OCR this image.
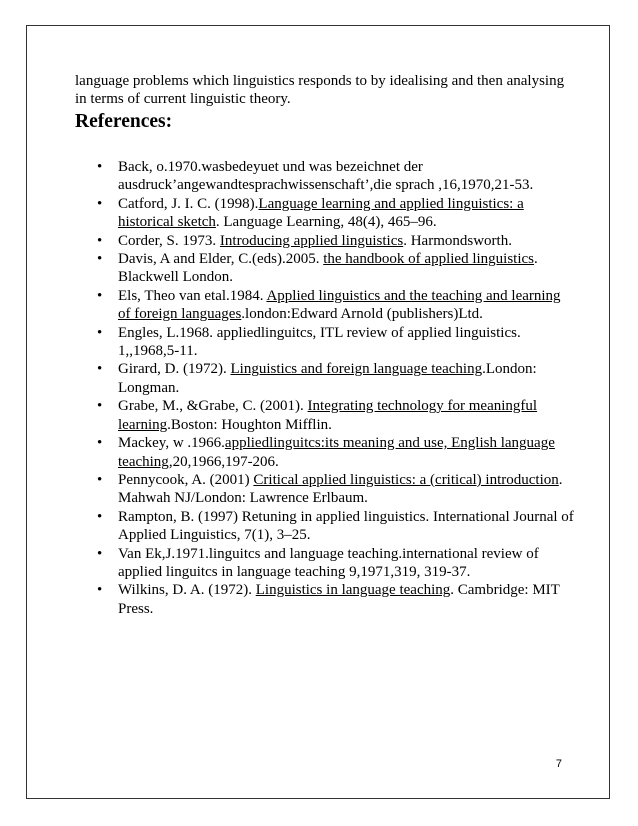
language problems which linguistics responds to by idealising and then analysing in terms of current linguistic theory.

References:
• Back, o.1970.wasbedeyuet und was bezeichnet der ausdruck’angewandtesprachwissenschaft’,die sprach ,16,1970,21-53.
• Catford, J. I. C. (1998).Language learning and applied linguistics: a historical sketch. Language Learning, 48(4), 465–96.
• Corder, S. 1973. Introducing applied linguistics. Harmondsworth.
• Davis, A and Elder, C.(eds).2005. the handbook of applied linguistics. Blackwell London.
• Els, Theo van etal.1984. Applied linguistics and the teaching and learning of foreign languages.london:Edward Arnold (publishers)Ltd.
• Engles, L.1968. appliedlinguitcs, ITL review of applied linguistics. 1,,1968,5-11.
• Girard, D. (1972). Linguistics and foreign language teaching.London: Longman.
• Grabe, M., &Grabe, C. (2001). Integrating technology for meaningful learning.Boston: Houghton Mifflin.
• Mackey, w .1966.appliedlinguitcs:its meaning and use, English language teaching,20,1966,197-206.
• Pennycook, A. (2001) Critical applied linguistics: a (critical) introduction. Mahwah NJ/London: Lawrence Erlbaum.
• Rampton, B. (1997) Retuning in applied linguistics. International Journal of Applied Linguistics, 7(1), 3–25.
• Van Ek,J.1971.linguitcs and language teaching.international review of applied linguitcs in language teaching 9,1971,319, 319-37.
• Wilkins, D. A. (1972). Linguistics in language teaching. Cambridge: MIT Press.
7
